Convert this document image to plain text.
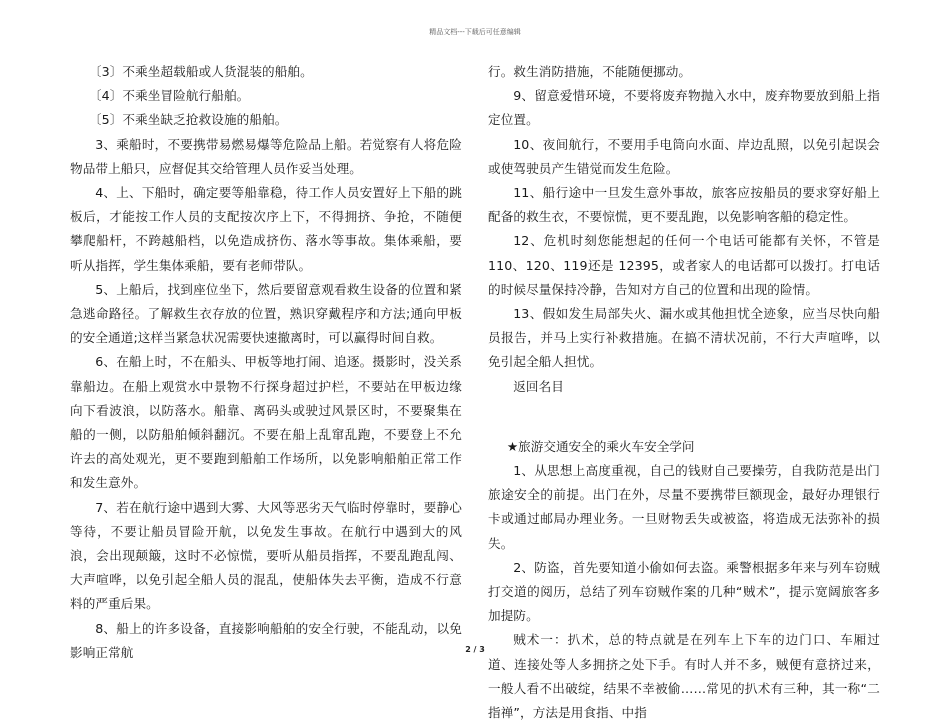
精品文档---下载后可任意编辑

〔3〕不乘坐超载船或人货混装的船舶。

〔4〕不乘坐冒险航行船舶。

〔5〕不乘坐缺乏抢救设施的船舶。

3、乘船时，不要携带易燃易爆等危险品上船。若觉察有人将危险物品带上船只，应督促其交给管理人员作妥当处理。

4、上、下船时，确定要等船靠稳，待工作人员安置好上下船的跳板后，才能按工作人员的支配按次序上下，不得拥挤、争抢，不随便攀爬船杆，不跨越船档，以免造成挤伤、落水等事故。集体乘船，要听从指挥，学生集体乘船，要有老师带队。

5、上船后，找到座位坐下，然后要留意观看救生设备的位置和紧急逃命路径。了解救生衣存放的位置，熟识穿戴程序和方法;通向甲板的安全通道;这样当紧急状况需要快速撤离时，可以赢得时间自救。

6、在船上时，不在船头、甲板等地打闹、追逐。摄影时，没关系靠船边。在船上观赏水中景物不行探身超过护栏，不要站在甲板边缘向下看波浪，以防落水。船靠、离码头或驶过风景区时，不要聚集在船的一侧，以防船舶倾斜翻沉。不要在船上乱窜乱跑，不要登上不允许去的高处观光，更不要跑到船舶工作场所，以免影响船舶正常工作和发生意外。

7、若在航行途中遇到大雾、大风等恶劣天气临时停靠时，要静心等待，不要让船员冒险开航，以免发生事故。在航行中遇到大的风浪，会出现颠簸，这时不必惊慌，要听从船员指挥，不要乱跑乱闯、大声喧哗，以免引起全船人员的混乱，使船体失去平衡，造成不行意料的严重后果。

8、船上的许多设备，直接影响船舶的安全行驶，不能乱动，以免影响正常航

行。救生消防措施，不能随便挪动。

9、留意爱惜环境，不要将废弃物抛入水中，废弃物要放到船上指定位置。

10、夜间航行，不要用手电筒向水面、岸边乱照，以免引起误会或使驾驶员产生错觉而发生危险。

11、船行途中一旦发生意外事故，旅客应按船员的要求穿好船上配备的救生衣，不要惊慌，更不要乱跑，以免影响客船的稳定性。

12、危机时刻您能想起的任何一个电话可能都有关怀，不管是 110、120、119还是 12395，或者家人的电话都可以拨打。打电话的时候尽量保持冷静，告知对方自己的位置和出现的险情。

13、假如发生局部失火、漏水或其他担忧全迹象，应当尽快向船员报告，并马上实行补救措施。在搞不清状况前，不行大声喧哗，以免引起全船人担忧。

返回名目

★旅游交通安全的乘火车安全学问

1、从思想上高度重视，自己的钱财自己要操劳，自我防范是出门旅途安全的前提。出门在外，尽量不要携带巨额现金，最好办理银行卡或通过邮局办理业务。一旦财物丢失或被盗，将造成无法弥补的损失。

2、防盗，首先要知道小偷如何去盗。乘警根据多年来与列车窃贼打交道的阅历，总结了列车窃贼作案的几种“贼术”，提示宽阔旅客多加提防。

贼术一：扒术，总的特点就是在列车上下车的边门口、车厢过道、连接处等人多拥挤之处下手。有时人并不多，贼便有意挤过来，一般人看不出破绽，结果不幸被偷……常见的扒术有三种，其一称“二指禅”，方法是用食指、中指

2 / 3
